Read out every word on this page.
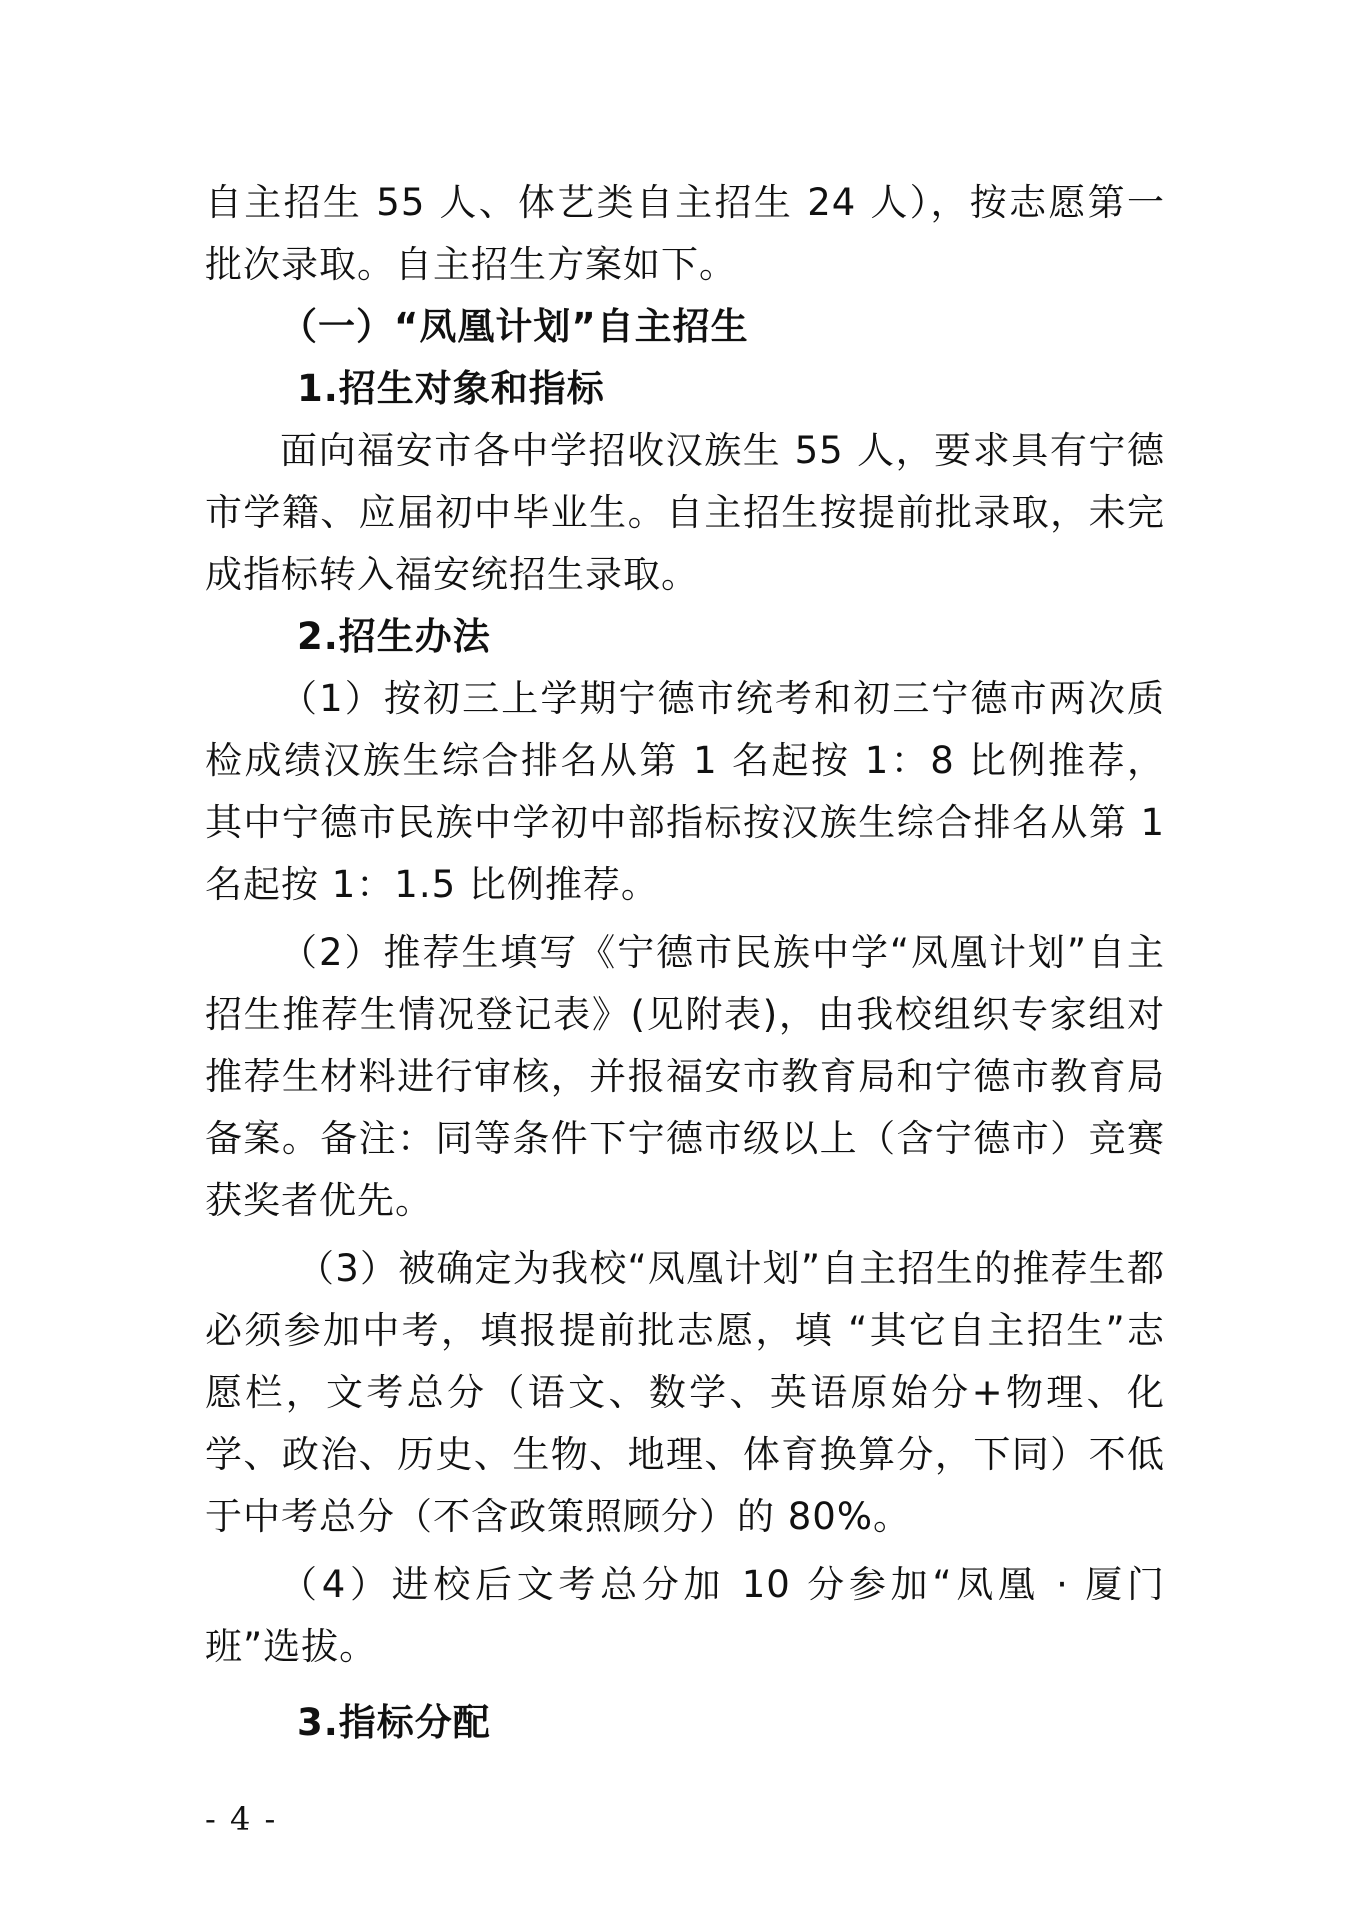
自主招生 55 人、体艺类自主招生 24 人），按志愿第一批次录取。自主招生方案如下。

（一）“凤凰计划”自主招生

1.招生对象和指标

面向福安市各中学招收汉族生 55 人，要求具有宁德市学籍、应届初中毕业生。自主招生按提前批录取，未完成指标转入福安统招生录取。

2.招生办法

（1）按初三上学期宁德市统考和初三宁德市两次质检成绩汉族生综合排名从第 1 名起按 1：8 比例推荐，其中宁德市民族中学初中部指标按汉族生综合排名从第 1 名起按 1：1.5 比例推荐。

（2）推荐生填写《宁德市民族中学“凤凰计划”自主招生推荐生情况登记表》(见附表)，由我校组织专家组对推荐生材料进行审核，并报福安市教育局和宁德市教育局备案。备注：同等条件下宁德市级以上（含宁德市）竞赛获奖者优先。

（3）被确定为我校“凤凰计划”自主招生的推荐生都必须参加中考，填报提前批志愿，填 “其它自主招生”志愿栏，文考总分（语文、数学、英语原始分+物理、化学、政治、历史、生物、地理、体育换算分，下同）不低于中考总分（不含政策照顾分）的 80%。

（4）进校后文考总分加 10 分参加“凤凰 · 厦门班”选拔。

3.指标分配

- 4 -
